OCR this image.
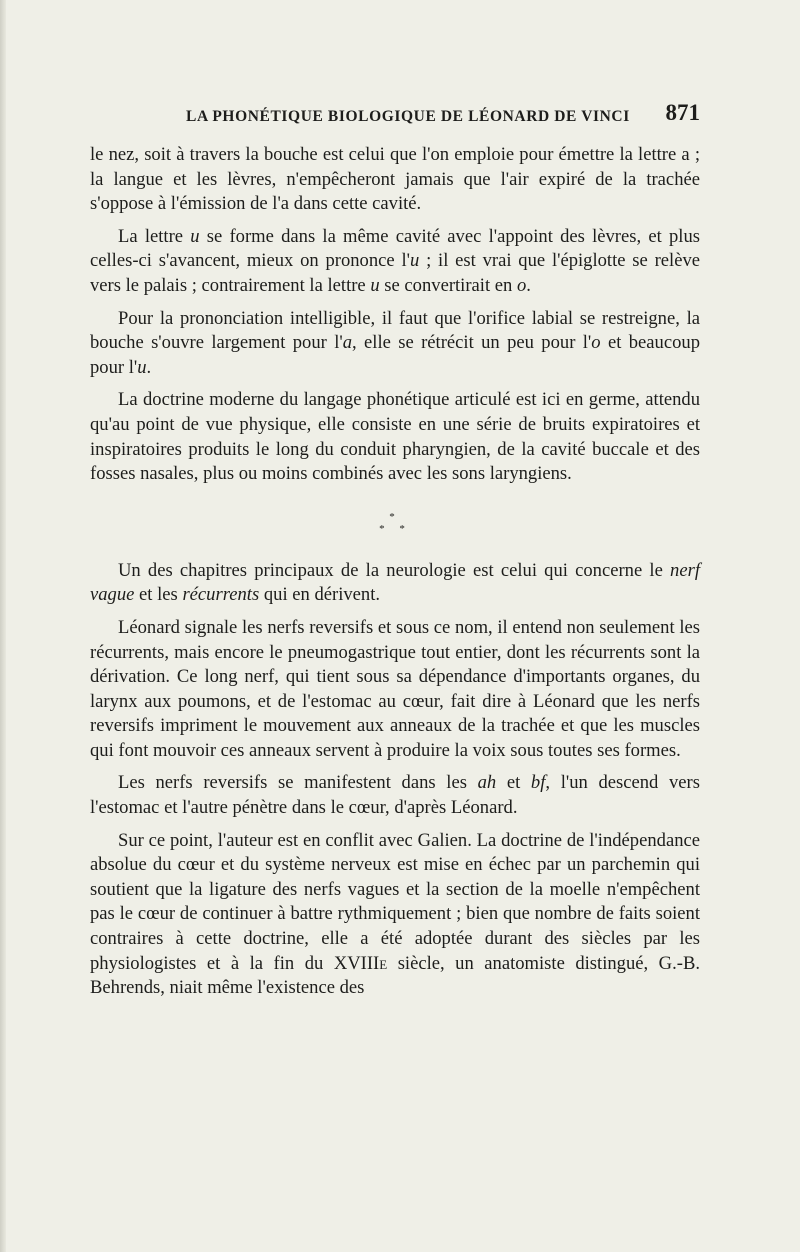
LA PHONÉTIQUE BIOLOGIQUE DE LÉONARD DE VINCI 871

le nez, soit à travers la bouche est celui que l'on emploie pour émettre la lettre a ; la langue et les lèvres, n'empêcheront jamais que l'air expiré de la trachée s'oppose à l'émission de l'a dans cette cavité.

La lettre u se forme dans la même cavité avec l'appoint des lèvres, et plus celles-ci s'avancent, mieux on prononce l'u ; il est vrai que l'épiglotte se relève vers le palais ; contrairement la lettre u se convertirait en o.

Pour la prononciation intelligible, il faut que l'orifice labial se restreigne, la bouche s'ouvre largement pour l'a, elle se rétrécit un peu pour l'o et beaucoup pour l'u.

La doctrine moderne du langage phonétique articulé est ici en germe, attendu qu'au point de vue physique, elle consiste en une série de bruits expiratoires et inspiratoires produits le long du conduit pharyngien, de la cavité buccale et des fosses nasales, plus ou moins combinés avec les sons laryngiens.

*
* *

Un des chapitres principaux de la neurologie est celui qui concerne le nerf vague et les récurrents qui en dérivent.

Léonard signale les nerfs reversifs et sous ce nom, il entend non seulement les récurrents, mais encore le pneumogastrique tout entier, dont les récurrents sont la dérivation. Ce long nerf, qui tient sous sa dépendance d'importants organes, du larynx aux poumons, et de l'estomac au cœur, fait dire à Léonard que les nerfs reversifs impriment le mouvement aux anneaux de la trachée et que les muscles qui font mouvoir ces anneaux servent à produire la voix sous toutes ses formes.

Les nerfs reversifs se manifestent dans les ah et bf, l'un descend vers l'estomac et l'autre pénètre dans le cœur, d'après Léonard.

Sur ce point, l'auteur est en conflit avec Galien. La doctrine de l'indépendance absolue du cœur et du système nerveux est mise en échec par un parchemin qui soutient que la ligature des nerfs vagues et la section de la moelle n'empêchent pas le cœur de continuer à battre rythmiquement ; bien que nombre de faits soient contraires à cette doctrine, elle a été adoptée durant des siècles par les physiologistes et à la fin du XVIIIe siècle, un anatomiste distingué, G.-B. Behrends, niait même l'existence des
